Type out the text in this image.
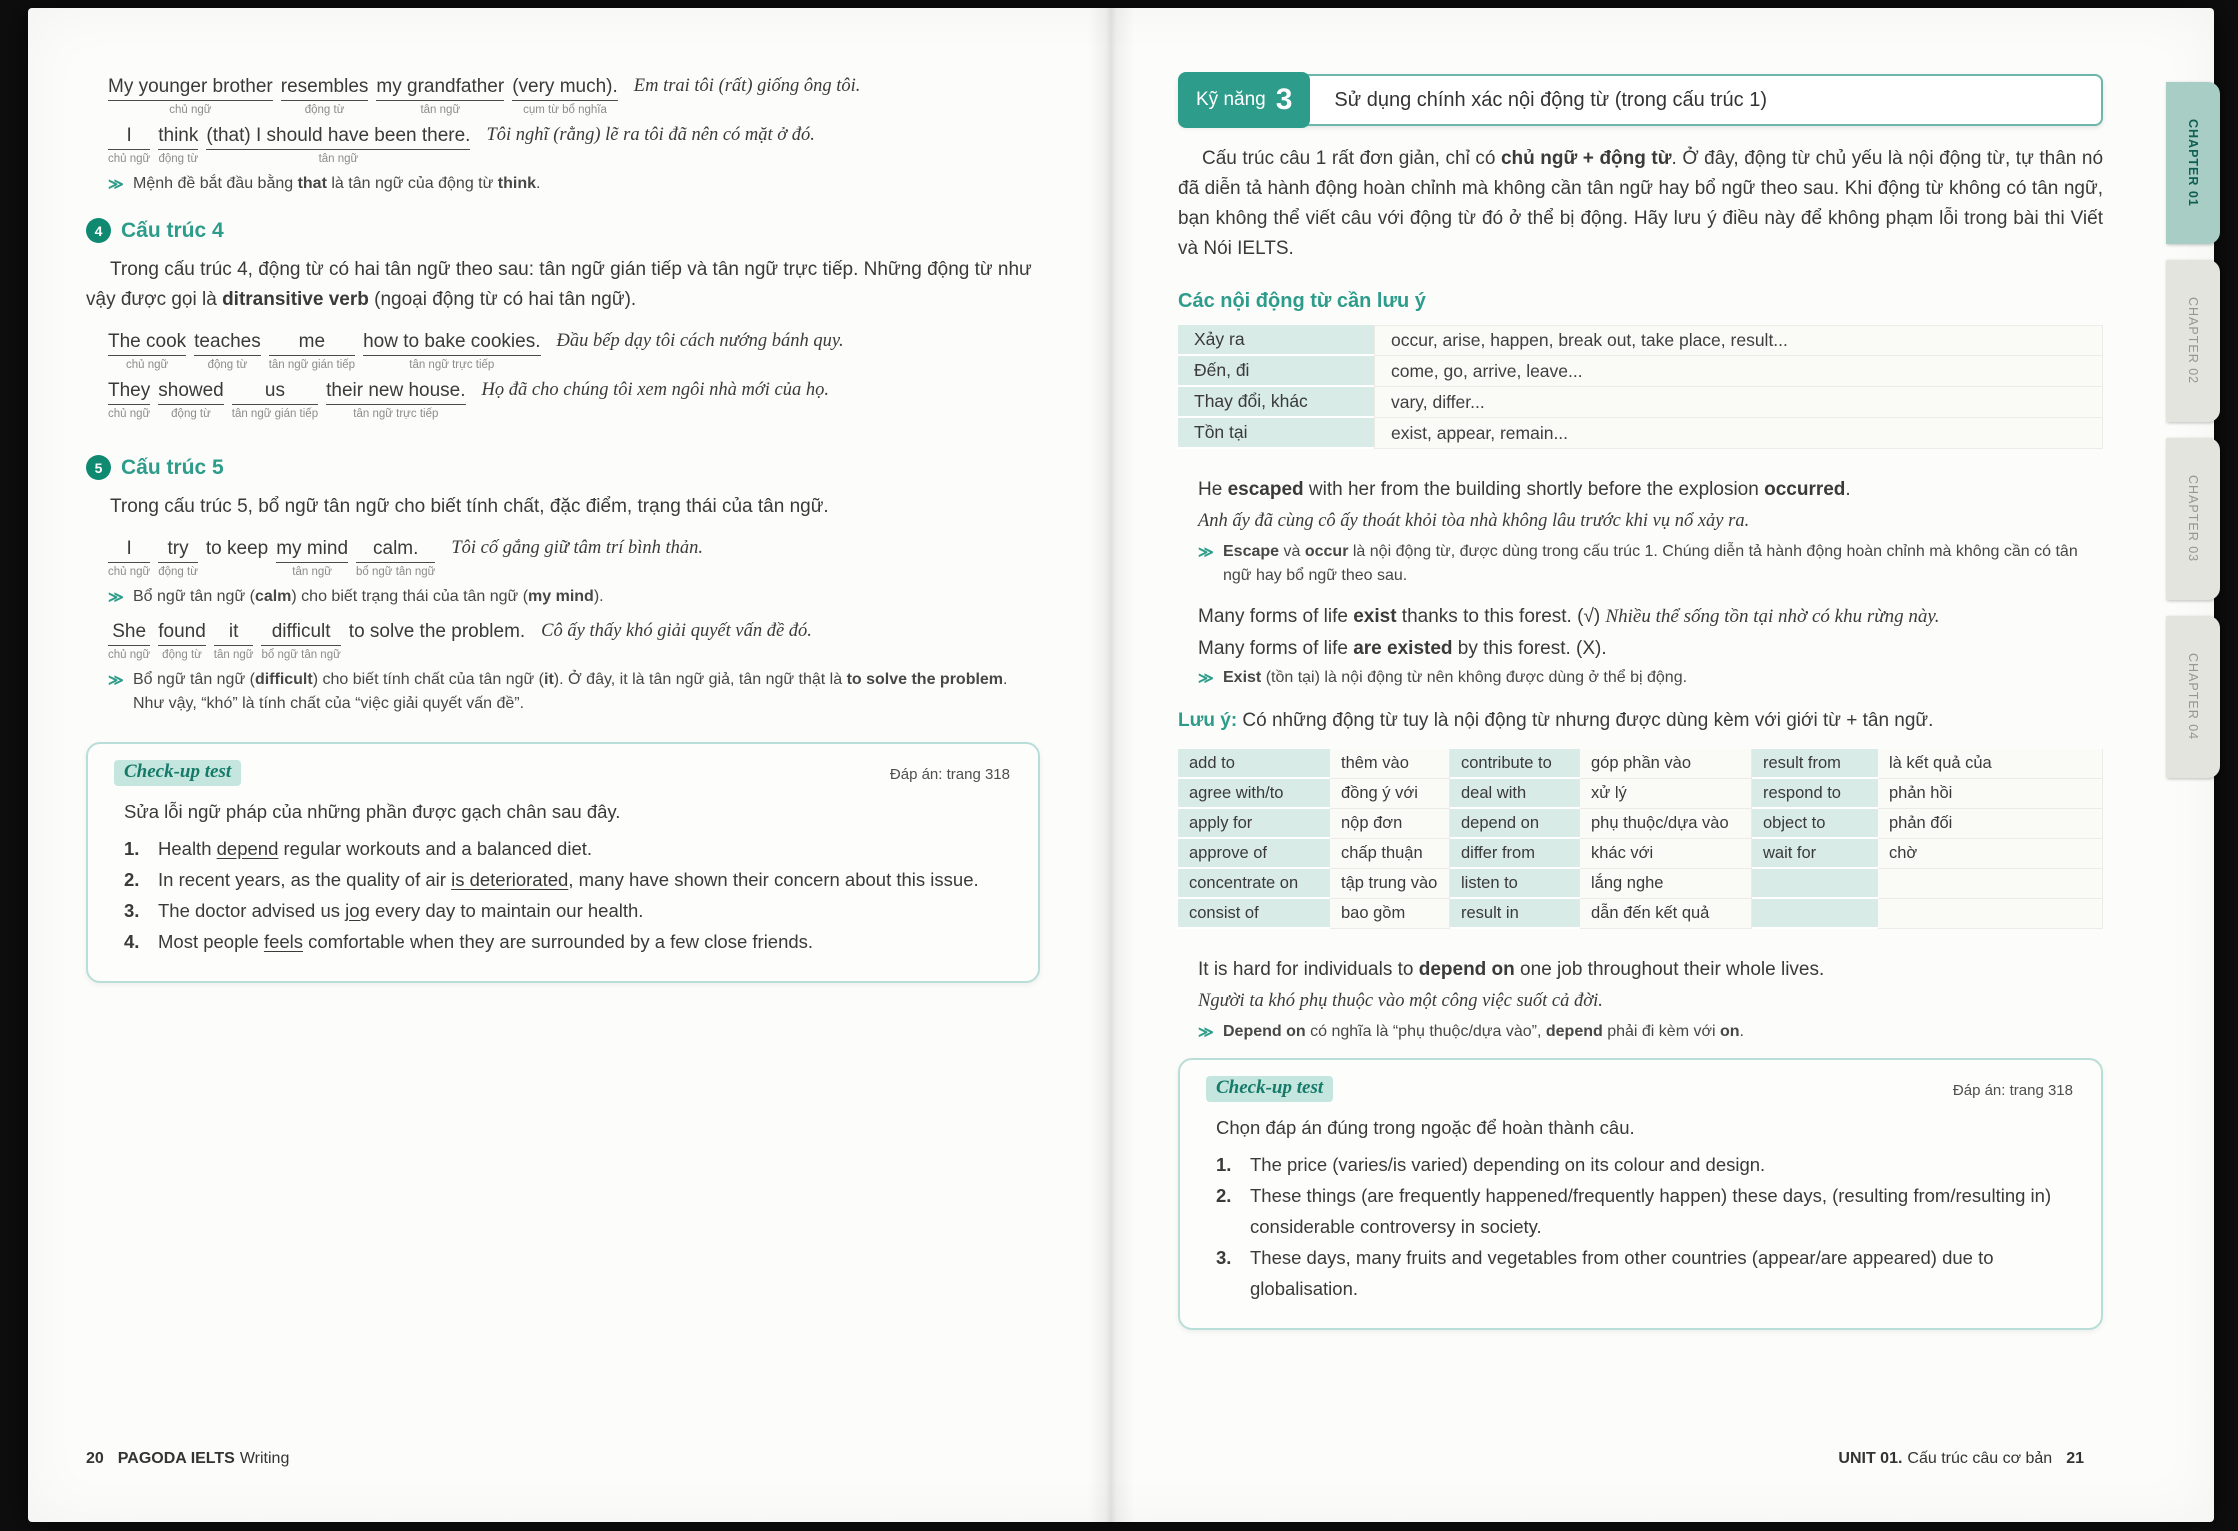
My younger brother
chủ ngữ
resembles
động từ
my grandfather
tân ngữ
(very much).
cụm từ bổ nghĩa
Em trai tôi (rất) giống ông tôi.
I
chủ ngữ
think
động từ
(that) I should have been there.
tân ngữ
Tôi nghĩ (rằng) lẽ ra tôi đã nên có mặt ở đó.
≫ Mệnh đề bắt đầu bằng that là tân ngữ của động từ think.
4 Cấu trúc 4

Trong cấu trúc 4, động từ có hai tân ngữ theo sau: tân ngữ gián tiếp và tân ngữ trực tiếp. Những động từ như vậy được gọi là ditransitive verb (ngoại động từ có hai tân ngữ).

The cook
chủ ngữ
teaches
động từ
me
tân ngữ gián tiếp
how to bake cookies.
tân ngữ trực tiếp
Đầu bếp dạy tôi cách nướng bánh quy.
They
chủ ngữ
showed
động từ
us
tân ngữ gián tiếp
their new house.
tân ngữ trực tiếp
Họ đã cho chúng tôi xem ngôi nhà mới của họ.
5 Cấu trúc 5

Trong cấu trúc 5, bổ ngữ tân ngữ cho biết tính chất, đặc điểm, trạng thái của tân ngữ.

I
chủ ngữ
try
động từ
to keep my mind
tân ngữ
calm.
bổ ngữ tân ngữ
Tôi cố gắng giữ tâm trí bình thản.
≫ Bổ ngữ tân ngữ (calm) cho biết trạng thái của tân ngữ (my mind).
She
chủ ngữ
found
động từ
it
tân ngữ
difficult
bổ ngữ tân ngữ
to solve the problem. Cô ấy thấy khó giải quyết vấn đề đó.
≫ Bổ ngữ tân ngữ (difficult) cho biết tính chất của tân ngữ (it). Ở đây, it là tân ngữ giả, tân ngữ thật là to solve the problem. Như vậy, “khó” là tính chất của “việc giải quyết vấn đề”.
Check-up test	Đáp án: trang 318
Sửa lỗi ngữ pháp của những phần được gạch chân sau đây.
1.	Health depend regular workouts and a balanced diet.
2.	In recent years, as the quality of air is deteriorated, many have shown their concern about this issue.
3.	The doctor advised us jog every day to maintain our health.
4.	Most people feels comfortable when they are surrounded by a few close friends.
Kỹ năng 3	Sử dụng chính xác nội động từ (trong cấu trúc 1)

Cấu trúc câu 1 rất đơn giản, chỉ có chủ ngữ + động từ. Ở đây, động từ chủ yếu là nội động từ, tự thân nó đã diễn tả hành động hoàn chỉnh mà không cần tân ngữ hay bổ ngữ theo sau. Khi động từ không có tân ngữ, bạn không thể viết câu với động từ đó ở thể bị động. Hãy lưu ý điều này để không phạm lỗi trong bài thi Viết và Nói IELTS.

Các nội động từ cần lưu ý
Xảy ra	occur, arise, happen, break out, take place, result...
Đến, đi	come, go, arrive, leave...
Thay đổi, khác	vary, differ...
Tồn tại	exist, appear, remain...
He escaped with her from the building shortly before the explosion occurred.
Anh ấy đã cùng cô ấy thoát khỏi tòa nhà không lâu trước khi vụ nổ xảy ra.
≫ Escape và occur là nội động từ, được dùng trong cấu trúc 1. Chúng diễn tả hành động hoàn chỉnh mà không cần có tân ngữ hay bổ ngữ theo sau.
Many forms of life exist thanks to this forest. (√) Nhiều thể sống tồn tại nhờ có khu rừng này.
Many forms of life are existed by this forest. (X).
≫ Exist (tồn tại) là nội động từ nên không được dùng ở thể bị động.
Lưu ý: Có những động từ tuy là nội động từ nhưng được dùng kèm với giới từ + tân ngữ.
add to	thêm vào	contribute to	góp phần vào	result from	là kết quả của
agree with/to	đồng ý với	deal with	xử lý	respond to	phản hồi
apply for	nộp đơn	depend on	phụ thuộc/dựa vào	object to	phản đối
approve of	chấp thuận	differ from	khác với	wait for	chờ
concentrate on	tập trung vào	listen to	lắng nghe		
consist of	bao gồm	result in	dẫn đến kết quả		
It is hard for individuals to depend on one job throughout their whole lives.
Người ta khó phụ thuộc vào một công việc suốt cả đời.
≫ Depend on có nghĩa là “phụ thuộc/dựa vào”, depend phải đi kèm với on.
Check-up test	Đáp án: trang 318
Chọn đáp án đúng trong ngoặc để hoàn thành câu.
1.	The price (varies/is varied) depending on its colour and design.
2.	These things (are frequently happened/frequently happen) these days, (resulting from/resulting in) considerable controversy in society.
3.	These days, many fruits and vegetables from other countries (appear/are appeared) due to globalisation.
20 PAGODA IELTS Writing	UNIT 01. Cấu trúc câu cơ bản 21
CHAPTER 01
CHAPTER 02
CHAPTER 03
CHAPTER 04
